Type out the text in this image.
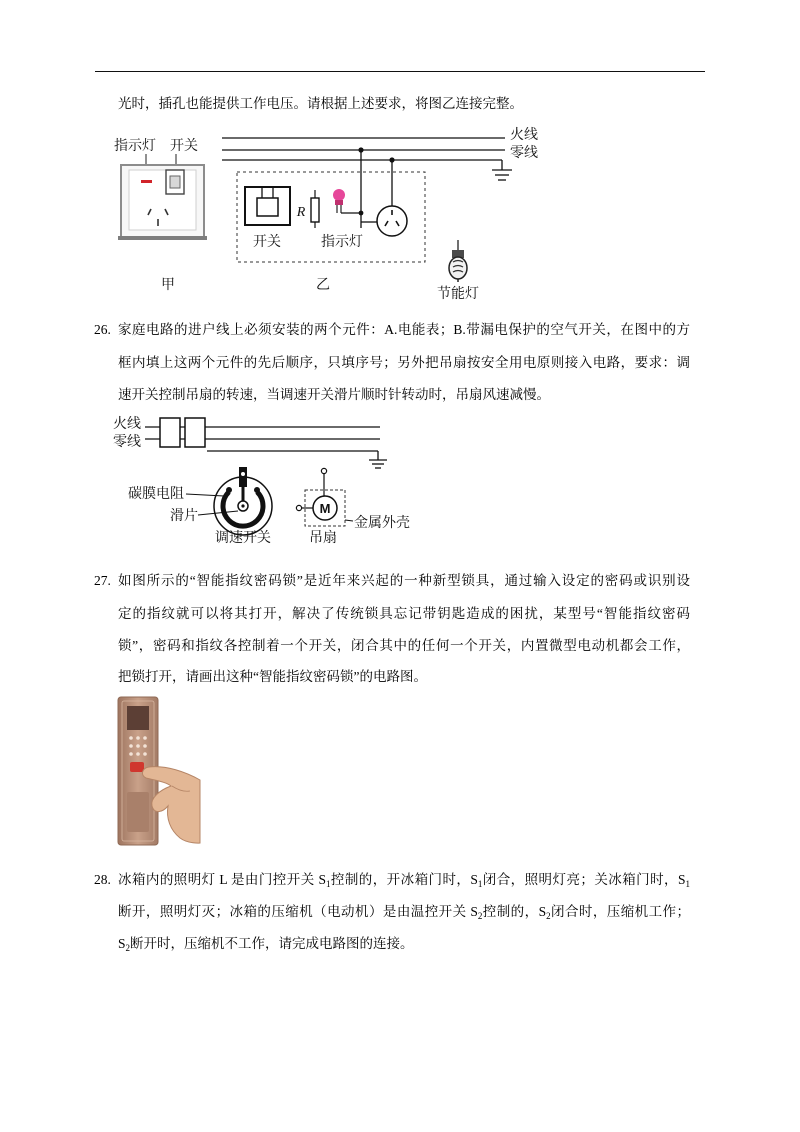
光时，插孔也能提供工作电压。请根据上述要求，将图乙连接完整。
指示灯 开关
甲
火线
零线
开关
R
指示灯
乙
节能灯
26. 家庭电路的进户线上必须安装的两个元件：A.电能表；B.带漏电保护的空气开关，在图中的方
框内填上这两个元件的先后顺序，只填序号；另外把吊扇按安全用电原则接入电路，要求：调
速开关控制吊扇的转速，当调速开关滑片顺时针转动时，吊扇风速减慢。
火线
零线
碳膜电阻
滑片
调速开关
M
金属外壳
吊扇
27. 如图所示的“智能指纹密码锁”是近年来兴起的一种新型锁具，通过输入设定的密码或识别设
定的指纹就可以将其打开，解决了传统锁具忘记带钥匙造成的困扰，某型号“智能指纹密码
锁”，密码和指纹各控制着一个开关，闭合其中的任何一个开关，内置微型电动机都会工作，
把锁打开，请画出这种“智能指纹密码锁”的电路图。
28. 冰箱内的照明灯 L 是由门控开关 $S_1$控制的，开冰箱门时，$S_1$闭合，照明灯亮；关冰箱门时，$S_1$
断开，照明灯灭；冰箱的压缩机（电动机）是由温控开关 $S_2$控制的，$S_2$闭合时，压缩机工作；
$S_2$断开时，压缩机不工作，请完成电路图的连接。
